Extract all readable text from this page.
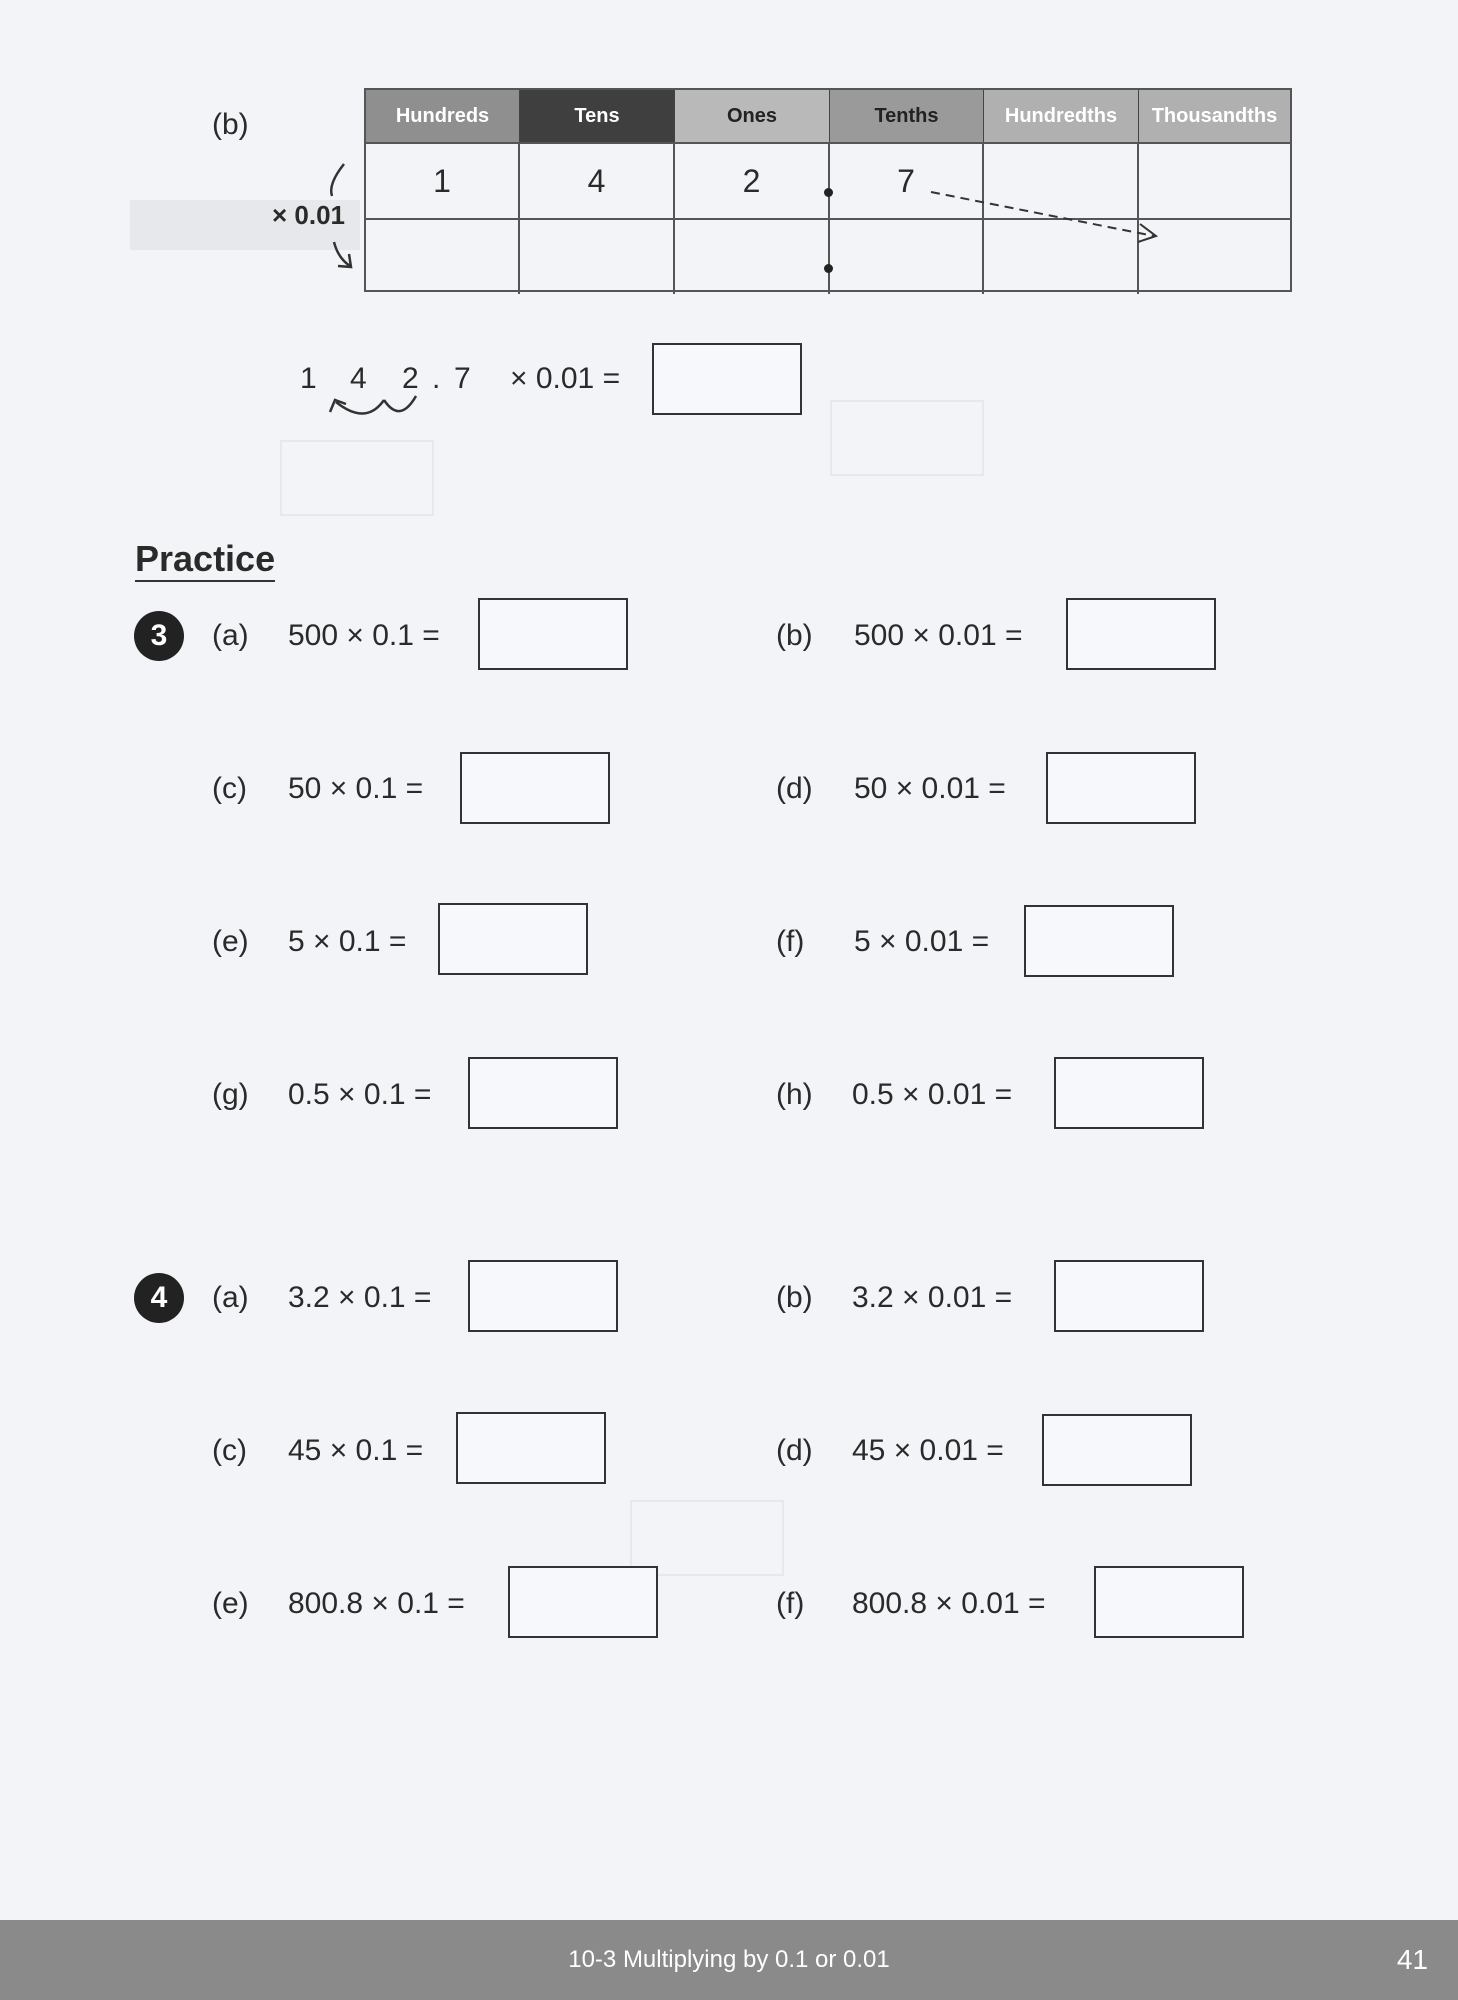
(b)	Hundreds	Tens	Ones	Tenths	Hundredths	Thousandths
1	4	2	7
× 0.01
1 4 2 . 7 × 0.01 =
Practice
3	(a) 500 × 0.1 =	(b) 500 × 0.01 =
(c) 50 × 0.1 =	(d) 50 × 0.01 =
(e) 5 × 0.1 =	(f) 5 × 0.01 =
(g) 0.5 × 0.1 =	(h) 0.5 × 0.01 =
4	(a) 3.2 × 0.1 =	(b) 3.2 × 0.01 =
(c) 45 × 0.1 =	(d) 45 × 0.01 =
(e) 800.8 × 0.1 =	(f) 800.8 × 0.01 =
10-3 Multiplying by 0.1 or 0.01	41
